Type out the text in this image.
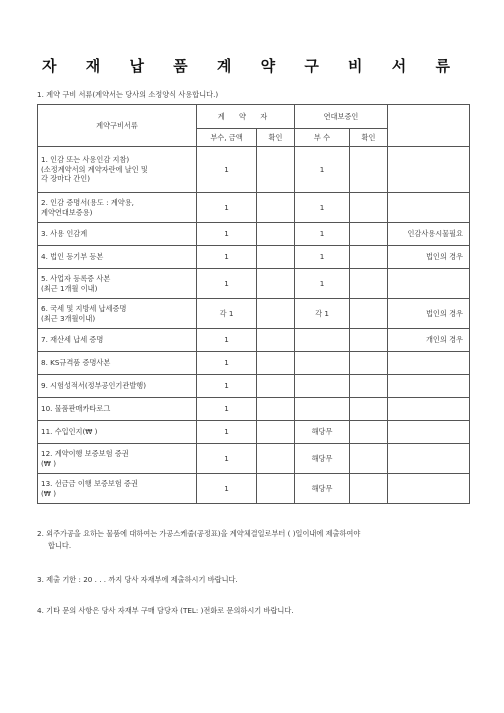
자 재 납 품 계 약 구 비 서 류
1. 계약 구비 서류(계약서는 당사의 소정양식 사용합니다.)
계약구비서류	계 약 자		연대보증인		
	부수, 금액	확인	부 수	확인	
1. 인감 또는 사용인감 지참)
(소정계약서의 계약자란에 날인 및
각 장마다 간인)	1		1		
2. 인감 증명서(용도 : 계약용,
계약연대보증용)	1		1		
3. 사용 인감계	1		1		인감사용시물필요
4. 법인 등기부 등본	1		1		법인의 경우
5. 사업자 등록증 사본
(최근 1개월 이내)	1		1		
6. 국세 및 지방세 납세증명
(최근 3개월이내)	각 1		각 1		법인의 경우
7. 재산세 납세 증명	1				개인의 경우
8. KS규격품 증명사본	1				
9. 시험성적서(정부공인기관발행)	1				
10. 물품판매카타로그	1				
11. 수입인지(₩ )	1		해당무		
12. 계약이행 보증보험 증권
(₩ )	1		해당무		
13. 선금금 이행 보증보험 증권
(₩ )	1		해당무		
2. 외주가공을 요하는 물품에 대하여는 가공스케줄(공정표)을 계약체결일로부터 ( )일이내에 제출하여야
합니다.
3. 제출 기한 : 20 . . . 까지 당사 자재부에 제출하시기 바랍니다.
4. 기타 문의 사항은 당사 자재부 구매 담당자 (TEL: )전화로 문의하시기 바랍니다.
